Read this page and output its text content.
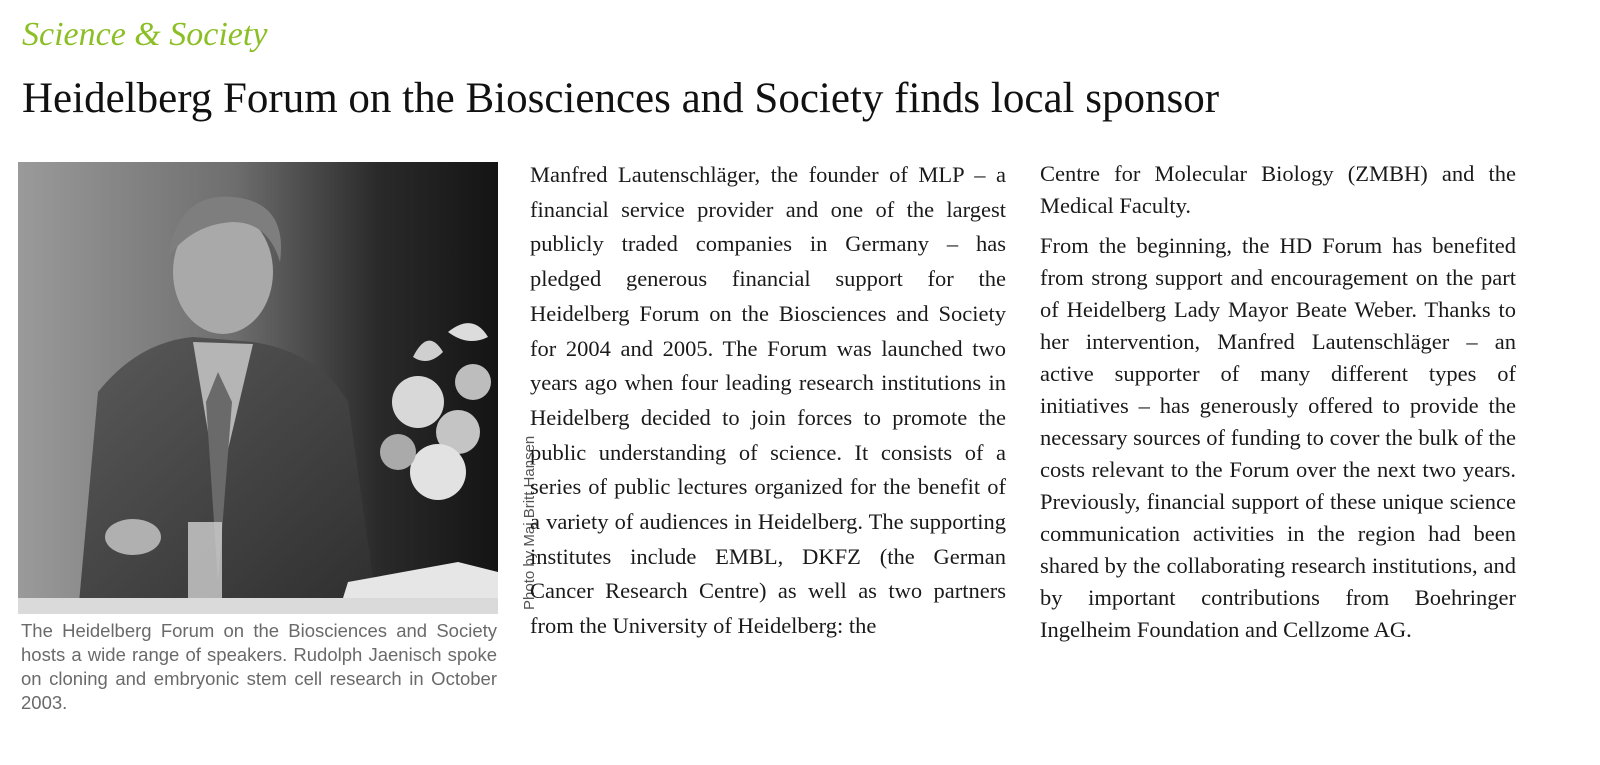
Science & Society
Heidelberg Forum on the Biosciences and Society finds local sponsor
Photo by Maj Britt Hansen
The Heidelberg Forum on the Biosciences and Society hosts a wide range of speakers. Rudolph Jaenisch spoke on cloning and embryonic stem cell research in October 2003.

Manfred Lautenschläger, the founder of MLP – a financial service provider and one of the largest publicly traded companies in Germany – has pledged generous financial support for the Heidelberg Forum on the Biosciences and Society for 2004 and 2005. The Forum was launched two years ago when four leading research institutions in Heidelberg decided to join forces to promote the public understanding of science. It consists of a series of public lectures organized for the benefit of a variety of audiences in Heidelberg. The supporting institutes include EMBL, DKFZ (the German Cancer Research Centre) as well as two partners from the University of Heidelberg: the

Centre for Molecular Biology (ZMBH) and the Medical Faculty.

From the beginning, the HD Forum has benefited from strong support and encouragement on the part of Heidelberg Lady Mayor Beate Weber. Thanks to her intervention, Manfred Lautenschläger – an active supporter of many different types of initiatives – has generously offered to provide the necessary sources of funding to cover the bulk of the costs relevant to the Forum over the next two years. Previously, financial support of these unique science communication activities in the region had been shared by the collaborating research institutions, and by important contributions from Boehringer Ingelheim Foundation and Cellzome AG.
